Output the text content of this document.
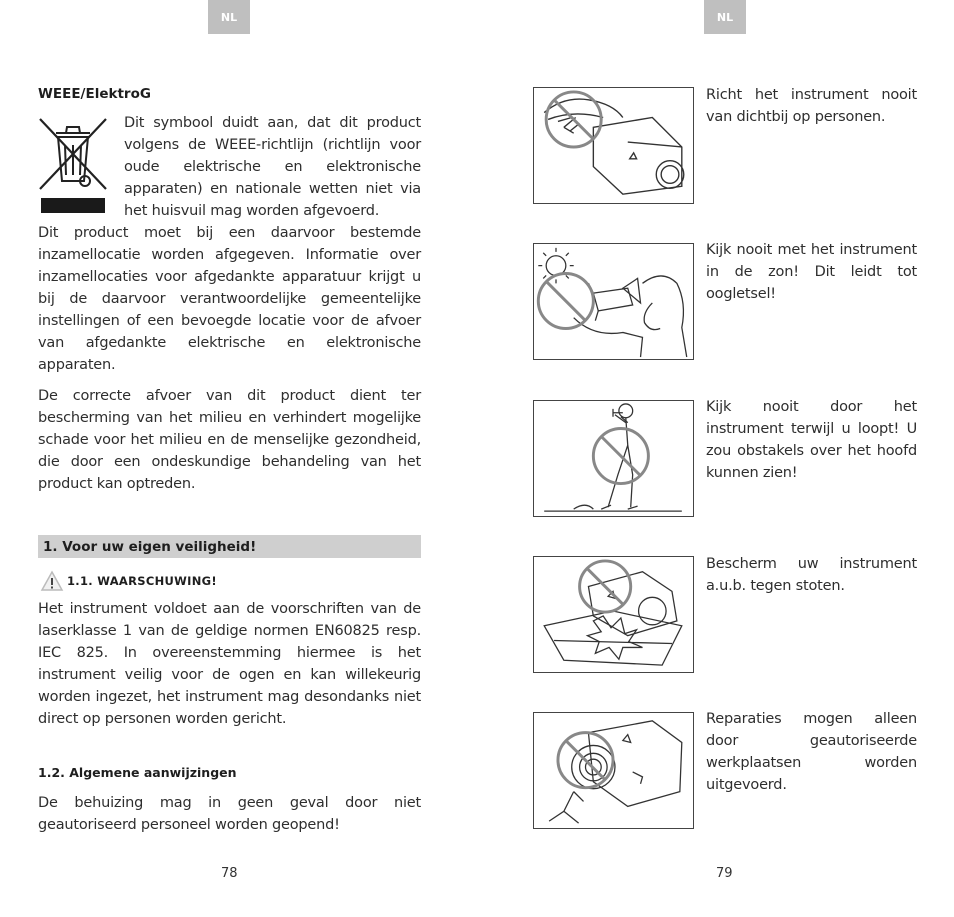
NL	NL
WEEE/ElektroG
Dit symbool duidt aan, dat dit product volgens de WEEE-richtlijn (richtlijn voor oude elektrische en elektronische apparaten) en nationale wetten niet via het huisvuil mag worden afgevoerd.
Dit product moet bij een daarvoor bestemde inzamellocatie worden afgegeven. Informatie over inzamellocaties voor afgedankte apparatuur krijgt u bij de daarvoor verantwoordelijke gemeentelijke instellingen of een bevoegde locatie voor de afvoer van afgedankte elektrische en elektronische apparaten.
De correcte afvoer van dit product dient ter bescherming van het milieu en verhindert mogelijke schade voor het milieu en de menselijke gezondheid, die door een ondeskundige behandeling van het product kan optreden.
1. Voor uw eigen veiligheid!
1.1. WAARSCHUWING!
Het instrument voldoet aan de voorschriften van de laserklasse 1 van de geldige normen EN60825 resp. IEC 825. In overeenstemming hiermee is het instrument veilig voor de ogen en kan willekeurig worden ingezet, het instrument mag desondanks niet direct op personen worden gericht.
1.2. Algemene aanwijzingen
De behuizing mag in geen geval door niet geautoriseerd personeel worden geopend!
78
Richt het instrument nooit van dichtbij op personen.
Kijk nooit met het instrument in de zon! Dit leidt tot oogletsel!
Kijk nooit door het instrument terwijl u loopt! U zou obstakels over het hoofd kunnen zien!
Bescherm uw instrument a.u.b. tegen stoten.
Reparaties mogen alleen door geautoriseerde werkplaatsen worden uitgevoerd.
79
